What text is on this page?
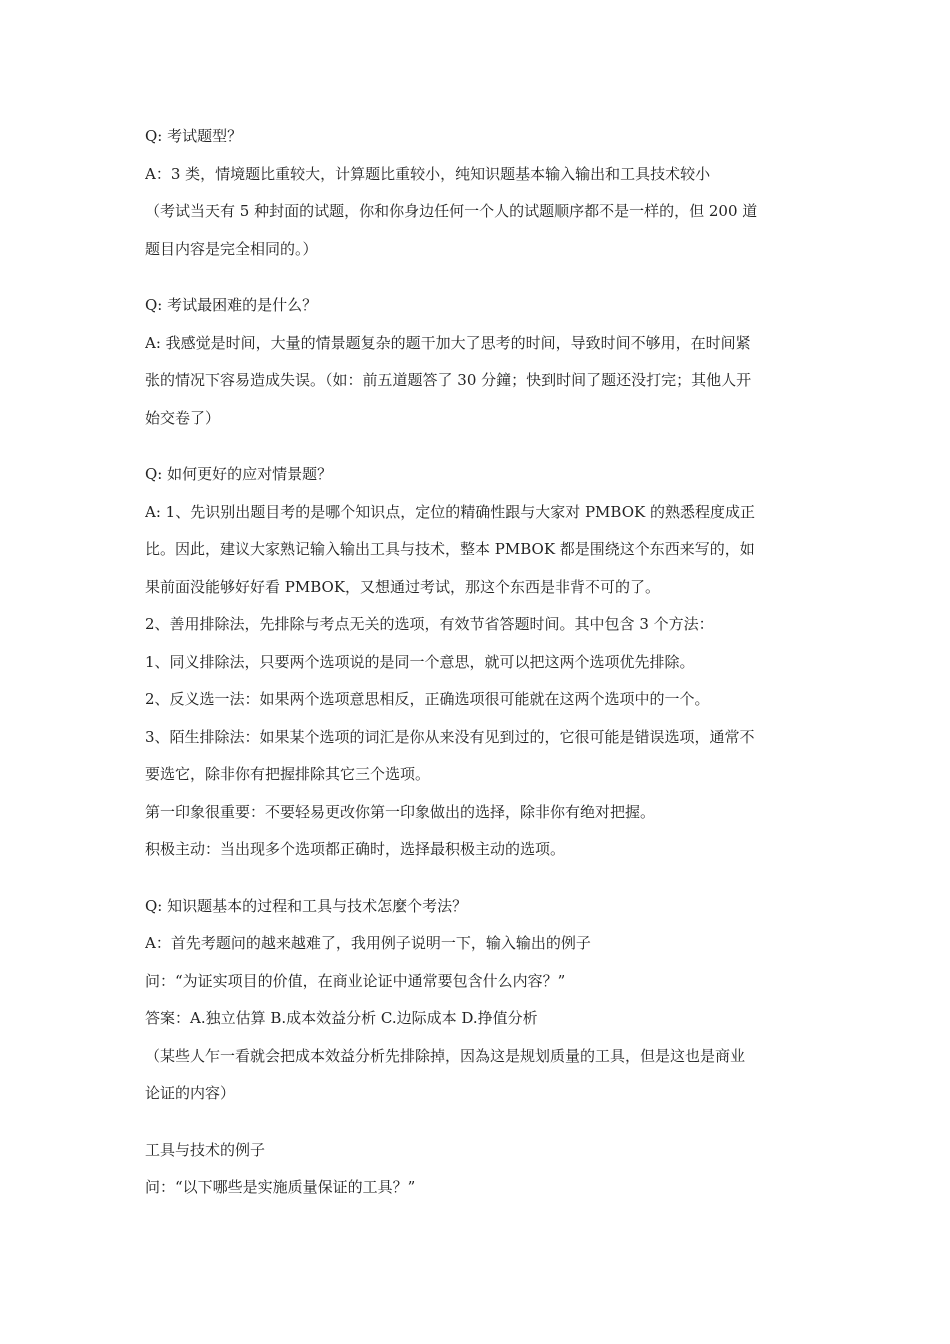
Q: 考试题型？
A：3 类，情境题比重较大，计算题比重较小，纯知识题基本输入输出和工具技术较小
（考试当天有 5 种封面的试题，你和你身边任何一个人的试题顺序都不是一样的，但 200 道
题目内容是完全相同的。）
Q: 考试最困难的是什么？
A: 我感觉是时间，大量的情景题复杂的题干加大了思考的时间，导致时间不够用，在时间紧
张的情况下容易造成失误。（如：前五道题答了 30 分鐘；快到时间了题还没打完；其他人开
始交卷了）
Q: 如何更好的应对情景题？
A: 1、先识别出题目考的是哪个知识点，定位的精确性跟与大家对 PMBOK 的熟悉程度成正
比。因此，建议大家熟记输入输出工具与技术，整本 PMBOK 都是围绕这个东西来写的，如
果前面没能够好好看 PMBOK，又想通过考试，那这个东西是非背不可的了。
2、善用排除法，先排除与考点无关的选项，有效节省答题时间。其中包含 3 个方法：
1、同义排除法，只要两个选项说的是同一个意思，就可以把这两个选项优先排除。
2、反义选一法：如果两个选项意思相反，正确选项很可能就在这两个选项中的一个。
3、陌生排除法：如果某个选项的词汇是你从来没有见到过的，它很可能是错误选项，通常不
要选它，除非你有把握排除其它三个选项。
第一印象很重要：不要轻易更改你第一印象做出的选择，除非你有绝对把握。
积极主动：当出现多个选项都正确时，选择最积极主动的选项。
Q: 知识题基本的过程和工具与技术怎麼个考法？
A：首先考题问的越来越难了，我用例子说明一下，输入输出的例子
问：“为证实项目的价值，在商业论证中通常要包含什么内容？”
答案：A.独立估算 B.成本效益分析 C.边际成本 D.挣值分析
（某些人乍一看就会把成本效益分析先排除掉，因為这是规划质量的工具，但是这也是商业
论证的内容）
工具与技术的例子
问：“以下哪些是实施质量保证的工具？”
